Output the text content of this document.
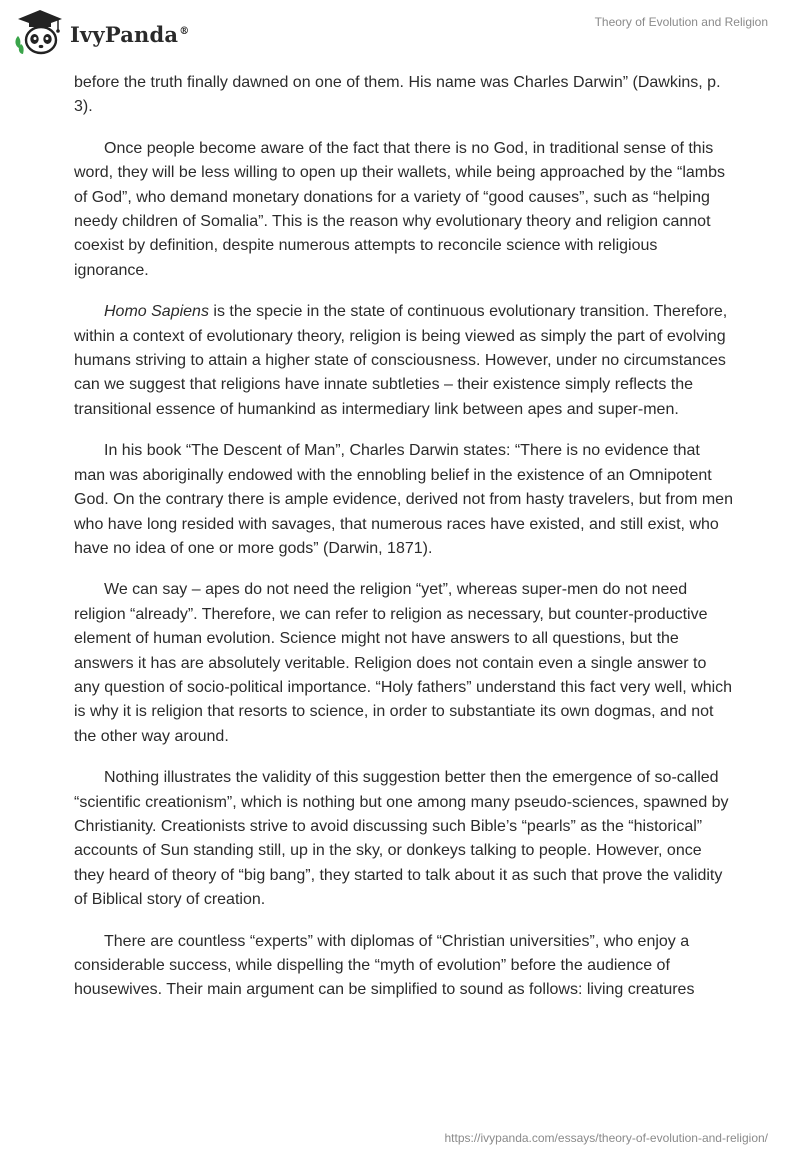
IvyPanda®
Theory of Evolution and Religion

before the truth finally dawned on one of them. His name was Charles Darwin” (Dawkins, p. 3).

Once people become aware of the fact that there is no God, in traditional sense of this word, they will be less willing to open up their wallets, while being approached by the “lambs of God”, who demand monetary donations for a variety of “good causes”, such as “helping needy children of Somalia”. This is the reason why evolutionary theory and religion cannot coexist by definition, despite numerous attempts to reconcile science with religious ignorance.

Homo Sapiens is the specie in the state of continuous evolutionary transition. Therefore, within a context of evolutionary theory, religion is being viewed as simply the part of evolving humans striving to attain a higher state of consciousness. However, under no circumstances can we suggest that religions have innate subtleties – their existence simply reflects the transitional essence of humankind as intermediary link between apes and super-men.

In his book “The Descent of Man”, Charles Darwin states: “There is no evidence that man was aboriginally endowed with the ennobling belief in the existence of an Omnipotent God. On the contrary there is ample evidence, derived not from hasty travelers, but from men who have long resided with savages, that numerous races have existed, and still exist, who have no idea of one or more gods” (Darwin, 1871).

We can say – apes do not need the religion “yet”, whereas super-men do not need religion “already”. Therefore, we can refer to religion as necessary, but counter-productive element of human evolution. Science might not have answers to all questions, but the answers it has are absolutely veritable. Religion does not contain even a single answer to any question of socio-political importance. “Holy fathers” understand this fact very well, which is why it is religion that resorts to science, in order to substantiate its own dogmas, and not the other way around.

Nothing illustrates the validity of this suggestion better then the emergence of so-called “scientific creationism”, which is nothing but one among many pseudo-sciences, spawned by Christianity. Creationists strive to avoid discussing such Bible’s “pearls” as the “historical” accounts of Sun standing still, up in the sky, or donkeys talking to people. However, once they heard of theory of “big bang”, they started to talk about it as such that prove the validity of Biblical story of creation.

There are countless “experts” with diplomas of “Christian universities”, who enjoy a considerable success, while dispelling the “myth of evolution” before the audience of housewives. Their main argument can be simplified to sound as follows: living creatures

https://ivypanda.com/essays/theory-of-evolution-and-religion/
